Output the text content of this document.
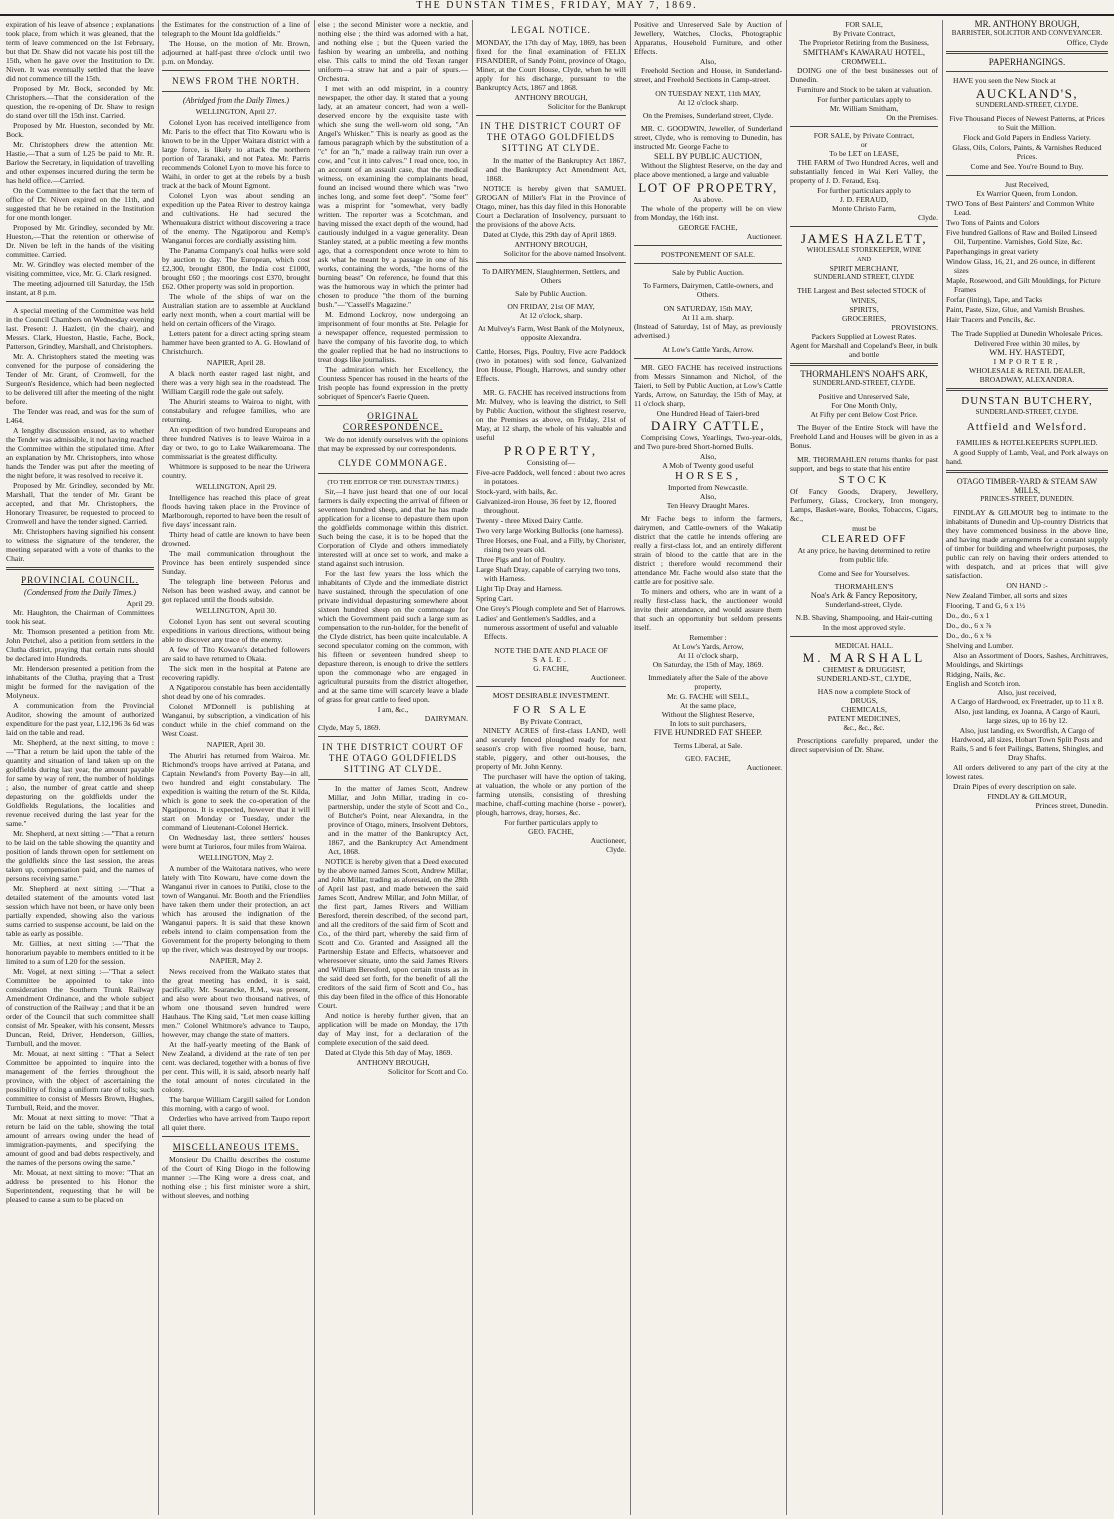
THE DUNSTAN TIMES, FRIDAY, MAY 7, 1869.

expiration of his leave of absence ; explanations took place, from which it was gleaned, that the term of leave commenced on the 1st February, but that Dr. Shaw did not vacate his post till the 15th, when he gave over the Institution to Dr. Niven. It was eventually settled that the leave did not commence till the 15th.

Proposed by Mr. Bock, seconded by Mr. Christophers.—That the consideration of the question, the re-opening of Dr. Shaw to resign do stand over till the 15th inst. Carried.

Proposed by Mr. Hueston, seconded by Mr. Bock.

Mr. Christophers drew the attention Mr. Hastie,—That a sum of L25 be paid to Mr. R. Barlow the Secretary, in liquidation of travelling and other expenses incurred during the term he has held office.—Carried.

On the Committee to the fact that the term of office of Dr. Niven expired on the 11th, and suggested that he be retained in the Institution for one month longer.

Proposed by Mr. Grindley, seconded by Mr. Hueston,—That the retention or otherwise of Dr. Niven be left in the hands of the visiting committee. Carried.

Mr. W. Grindley was elected member of the visiting committee, vice, Mr. G. Clark resigned.

The meeting adjourned till Saturday, the 15th instant, at 8 p.m.

A special meeting of the Committee was held in the Council Chambers on Wednesday evening last. Present: J. Hazlett, (in the chair), and Messrs. Clark, Hueston, Hastie, Fache, Bock, Patterson, Grindley, Marshall, and Christophers.

Mr. A. Christophers stated the meeting was convened for the purpose of considering the Tender of Mr. Grant, of Cromwell, for the Surgeon's Residence, which had been neglected to be delivered till after the meeting of the night before.

The Tender was read, and was for the sum of L464.

A lengthy discussion ensued, as to whether the Tender was admissible, it not having reached the Committee within the stipulated time. After an explanation by Mr. Christophers, into whose hands the Tender was put after the meeting of the night before, it was resolved to receive it.

Proposed by Mr. Grindley, seconded by Mr. Marshall, That the tender of Mr. Grant be accepted, and that Mr. Christophers, the Honorary Treasurer, be requested to proceed to Cromwell and have the tender signed. Carried.

Mr. Christophers having signified his consent to witness the signature of the tenderer, the meeting separated with a vote of thanks to the Chair.

PROVINCIAL COUNCIL.
(Condensed from the Daily Times.)
April 29.

Mr. Haughton, the Chairman of Committees took his seat.

Mr. Thomson presented a petition from Mr. John Petchel, also a petition from settlers in the Clutha district, praying that certain runs should be declared into Hundreds.

Mr. Henderson presented a petition from the inhabitants of the Clutha, praying that a Trust might be formed for the navigation of the Molyneux.

A communication from the Provincial Auditor, showing the amount of authorized expenditure for the past year, L12,196 3s 6d was laid on the table and read.

Mr. Shepherd, at the next sitting, to move :—"That a return be laid upon the table of the quantity and situation of land taken up on the goldfields during last year, the amount payable for same by way of rent, the number of holdings ; also, the number of great cattle and sheep depasturing on the goldfields under the Goldfields Regulations, the localities and revenue received during the last year for the same."

Mr. Shepherd, at next sitting :—"That a return to be laid on the table showing the quantity and position of lands thrown open for settlement on the goldfields since the last session, the areas taken up, compensation paid, and the names of persons receiving same."

Mr. Shepherd at next sitting :—"That a detailed statement of the amounts voted last session which have not been, or have only been partially expended, showing also the various sums carried to suspense account, be laid on the table as early as possible.

Mr. Gillies, at next sitting :—"That the honorarium payable to members entitled to it be limited to a sum of L20 for the session.

Mr. Vogel, at next sitting :—"That a select Committee be appointed to take into consideration the Southern Trunk Railway Amendment Ordinance, and the whole subject of construction of the Railway ; and that it be an order of the Council that such committee shall consist of Mr. Speaker, with his consent, Messrs Duncan, Reid, Driver, Henderson, Gillies, Turnbull, and the mover.

Mr. Mouat, at next sitting : "That a Select Committee be appointed to inquire into the management of the ferries throughout the province, with the object of ascertaining the possibility of fixing a uniform rate of tolls; such committee to consist of Messrs Brown, Hughes, Turnbull, Reid, and the mover.

Mr. Mouat at next sitting to move: "That a return be laid on the table, showing the total amount of arrears owing under the head of immigration-payments, and specifying the amount of good and bad debts respectively, and the names of the persons owing the same."

Mr. Mouat, at next sitting to move: "That an address be presented to his Honor the Superintendent, requesting that he will be pleased to cause a sum to be placed on

the Estimates for the construction of a line of telegraph to the Mount Ida goldfields."

The House, on the motion of Mr. Brown, adjourned at half-past three o'clock until two p.m. on Monday.

NEWS FROM THE NORTH.
(Abridged from the Daily Times.)
WELLINGTON, April 27.

Colonel Lyon has received intelligence from Mr. Paris to the effect that Tito Kowaru who is known to be in the Upper Waitara district with a large force, is likely to attack the northern portion of Taranaki, and not Patea. Mr. Parris recommends Colonel Lyon to move his force to Waihi, in order to get at the rebels by a bush track at the back of Mount Egmont.

Colonel Lyon was about sending an expedition up the Patea River to destroy kainga and cultivations. He had secured the Whenuakura district without discovering a trace of the enemy. The Ngatiporou and Kemp's Wanganui forces are cordially assisting him.

The Panama Company's coal hulks were sold by auction to day. The European, which cost £2,300, brought £800, the India cost £1000, brought £60 ; the moorings cost £370, brought £62. Other property was sold in proportion.

The whole of the ships of war on the Australian station are to assemble at Auckland early next month, when a court martial will be held on certain officers of the Virago.

Letters patent for a direct acting spring steam hammer have been granted to A. G. Howland of Christchurch.

NAPIER, April 28.

A black north easter raged last night, and there was a very high sea in the roadstead. The William Cargill rode the gale out safely.

The Ahuriri steams to Wairoa to night, with constabulary and refugee families, who are returning.

An expedition of two hundred Europeans and three hundred Natives is to leave Wairoa in a day or two, to go to Lake Waikaremoana. The commissariat is the greatest difficulty.

Whitmore is supposed to be near the Uriwera country.

WELLINGTON, April 29.

Intelligence has reached this place of great floods having taken place in the Province of Marlborough, reported to have been the result of five days' incessant rain.

Thirty head of cattle are known to have been drowned.

The mail communication throughout the Province has been entirely suspended since Sunday.

The telegraph line between Pelorus and Nelson has been washed away, and cannot be got replaced until the floods subside.

WELLINGTON, April 30.

Colonel Lyon has sent out several scouting expeditions in various directions, without being able to discover any trace of the enemy.

A few of Tito Kowaru's detached followers are said to have returned to Okaia.

The sick men in the hospital at Patene are recovering rapidly.

A Ngatiporou constable has been accidentally shot dead by one of his comrades.

Colonel M'Donnell is publishing at Wanganui, by subscription, a vindication of his conduct while in the chief command on the West Coast.

NAPIER, April 30.

The Ahuriri has returned from Wairoa. Mr. Richmond's troops have arrived at Patana, and Captain Newland's from Poverty Bay—in all, two hundred and eight constabulary. The expedition is waiting the return of the St. Kilda, which is gone to seek the co-operation of the Ngatiporou. It is expected, however that it will start on Monday or Tuesday, under the command of Lieutenant-Colonel Herrick.

On Wednesday last, three settlers' houses were burnt at Turioros, four miles from Wairoa.

WELLINGTON, May 2.

A number of the Waitotara natives, who were lately with Tito Kowaru, have come down the Wanganui river in canoes to Putiki, close to the town of Wanganui. Mr. Booth and the Friendlies have taken them under their protection, an act which has aroused the indignation of the Wanganui papers. It is said that these known rebels intend to claim compensation from the Government for the property belonging to them up the river, which was destroyed by our troops.

NAPIER, May 2.

News received from the Waikato states that the great meeting has ended, it is said, pacifically. Mr. Searancke, R.M., was present, and also were about two thousand natives, of whom one thousand seven hundred were Hauhaus. The King said, "Let men cease killing men." Colonel Whitmore's advance to Taupo, however, may change the state of matters.

At the half-yearly meeting of the Bank of New Zealand, a dividend at the rate of ten per cent. was declared, together with a bonus of five per cent. This will, it is said, absorb nearly half the total amount of notes circulated in the colony.

The barque William Cargill sailed for London this morning, with a cargo of wool.

Orderlies who have arrived from Taupo report all quiet there.

MISCELLANEOUS ITEMS.

Monsieur Du Chaillu describes the costume of the Court of King Diogo in the following manner :—The King wore a dress coat, and nothing else ; his first minister wore a shirt, without sleeves, and nothing

else ; the second Minister wore a necktie, and nothing else ; the third was adorned with a hat, and nothing else ; but the Queen varied the fashion by wearing an umbrella, and nothing else. This calls to mind the old Texan ranger uniform—a straw hat and a pair of spurs.—Orchestra.

I met with an odd misprint, in a country newspaper, the other day. It stated that a young lady, at an amateur concert, had won a well-deserved encore by the exquisite taste with which she sung the well-worn old song, "An Angel's Whisker." This is nearly as good as the famous paragraph which by the substitution of a "c" for an "h," made a railway train run over a cow, and "cut it into calves." I read once, too, in an account of an assault case, that the medical witness, on examining the complainants head, found an incised wound there which was "two inches long, and some feet deep". "Some feet" was a misprint for "somewhat, very badly written. The reporter was a Scotchman, and having missed the exact depth of the wound, had cautiously indulged in a vague generality. Dean Stanley stated, at a public meeting a few months ago, that a correspondent once wrote to him to ask what he meant by a passage in one of his works, containing the words, "the horns of the burning beast" On reference, he found that this was the humorous way in which the printer had chosen to produce "the thorn of the burning bush."—"Cassell's Magazine."

M. Edmond Lockroy, now undergoing an imprisonment of four months at Ste. Pelagie for a newspaper offence, requested permission to have the company of his favorite dog, to which the goaler replied that he had no instructions to treat dogs like journalists.

The admiration which her Excellency, the Countess Spencer has roused in the hearts of the Irish people has found expression in the pretty sobriquet of Spencer's Faerie Queen.

ORIGINAL CORRESPONDENCE.

We do not identify ourselves with the opinions that may be expressed by our correspondents.

CLYDE COMMONAGE.
(TO THE EDITOR OF THE DUNSTAN TIMES.)

Sir,—I have just heard that one of our local farmers is daily expecting the arrival of fifteen or seventeen hundred sheep, and that he has made application for a license to depasture them upon the goldfields commonage within this district. Such being the case, it is to be hoped that the Corporation of Clyde and others immediately interested will at once set to work, and make a stand against such intrusion.

For the last few years the loss which the inhabitants of Clyde and the immediate district have sustained, through the speculation of one private individual depasturing somewhere about sixteen hundred sheep on the commonage for which the Government paid such a large sum as compensation to the run-holder, for the benefit of the Clyde district, has been quite incalculable. A second speculator coming on the common, with his fifteen or seventeen hundred sheep to depasture thereon, is enough to drive the settlers upon the commonage who are engaged in agricultural pursuits from the district altogether, and at the same time will scarcely leave a blade of grass for great cattle to feed upon.

I am, &c.,
DAIRYMAN.
Clyde, May 5, 1869.
IN THE DISTRICT COURT OF THE OTAGO GOLDFIELDS SITTING AT CLYDE.

In the matter of James Scott, Andrew Millar, and John Millar, trading in co-partnership, under the style of Scott and Co., of Butcher's Point, near Alexandra, in the province of Otago, miners, Insolvent Debtors, and in the matter of the Bankruptcy Act, 1867, and the Bankruptcy Act Amendment Act, 1868.

NOTICE is hereby given that a Deed executed by the above named James Scott, Andrew Millar, and John Millar, trading as aforesaid, on the 28th of April last past, and made between the said James Scott, Andrew Millar, and John Millar, of the first part, James Rivers and William Beresford, therein described, of the second part, and all the creditors of the said firm of Scott and Co., of the third part, whereby the said firm of Scott and Co. Granted and Assigned all the Partnership Estate and Effects, whatsoever and wheresoever situate, unto the said James Rivers and William Beresford, upon certain trusts as in the said deed set forth, for the benefit of all the creditors of the said firm of Scott and Co., has this day been filed in the office of this Honorable Court.

And notice is hereby further given, that an application will be made on Monday, the 17th day of May inst, for a declaration of the complete execution of the said deed.

Dated at Clyde this 5th day of May, 1869.

ANTHONY BROUGH,
Solicitor for Scott and Co.
LEGAL NOTICE.

MONDAY, the 17th day of May, 1869, has been fixed for the final examination of FELIX FISANDIER, of Sandy Point, province of Otago, Miner, at the Court House, Clyde, when he will apply for his discharge, pursuant to the Bankruptcy Acts, 1867 and 1868.

ANTHONY BROUGH,
Solicitor for the Bankrupt
IN THE DISTRICT COURT OF THE OTAGO GOLDFIELDS SITTING AT CLYDE.

In the matter of the Bankruptcy Act 1867, and the Bankruptcy Act Amendment Act, 1868.

NOTICE is hereby given that SAMUEL GROGAN of Miller's Flat in the Province of Otago, miner, has this day filed in this Honorable Court a Declaration of Insolvency, pursuant to the provisions of the above Acts.

Dated at Clyde, this 29th day of April 1869.

ANTHONY BROUGH,
Solicitor for the above named Insolvent.
To DAIRYMEN, Slaughtermen, Settlers, and Others
Sale by Public Auction.
ON FRIDAY, 21st OF MAY,
At 12 o'clock, sharp.

At Mulvey's Farm, West Bank of the Molyneux, opposite Alexandra.

Cattle, Horses, Pigs, Poultry, Five acre Paddock (two in potatoes) with sod fence, Galvanized Iron House, Plough, Harrows, and sundry other Effects.

MR. G. FACHE has received instructions from Mr. Mulvey, who is leaving the district, to Sell by Public Auction, without the slightest reserve, on the Premises as above, on Friday, 21st of May, at 12 sharp, the whole of his valuable and useful

PROPERTY,
Consisting of—
Five-acre Paddock, well fenced : about two acres in potatoes.
Stock-yard, with bails, &c.
Galvanized-iron House, 36 feet by 12, floored throughout.
Twenty - three Mixed Dairy Cattle.
Two very large Working Bullocks (one harness).
Three Horses, one Foal, and a Filly, by Chorister, rising two years old.
Three Pigs and lot of Poultry.
Large Shaft Dray, capable of carrying two tons, with Harness.
Light Tip Dray and Harness.
Spring Cart.
One Grey's Plough complete and Set of Harrows.
Ladies' and Gentlemen's Saddles, and a numerous assortment of useful and valuable Effects.
NOTE THE DATE AND PLACE OF
SALE.
G. FACHE,
Auctioneer.
MOST DESIRABLE INVESTMENT.
FOR SALE
By Private Contract,

NINETY ACRES of first-class LAND, well and securely fenced ploughed ready for next season's crop with five roomed house, barn, stable, piggery, and other out-houses, the property of Mr. John Kenny.

The purchaser will have the option of taking, at valuation, the whole or any portion of the farming utensils, consisting of threshing machine, chaff-cutting machine (horse - power), plough, harrows, dray, horses, &c.

For further particulars apply to
GEO. FACHE,
Auctioneer,
Clyde.

Positive and Unreserved Sale by Auction of Jewellery, Watches, Clocks, Photographic Apparatus, Household Furniture, and other Effects.

Also,

Freehold Section and House, in Sunderland-street, and Freehold Sections in Camp-street.

ON TUESDAY NEXT, 11th MAY,
At 12 o'clock sharp.
On the Premises, Sunderland street, Clyde.

MR. C. GOODWIN, Jeweller, of Sunderland street, Clyde, who is removing to Dunedin, has instructed Mr. George Fache to

SELL BY PUBLIC AUCTION,

Without the Slightest Reserve, on the day and place above mentioned, a large and valuable

LOT OF PROPETRY,
As above.

The whole of the property will be on view from Monday, the 16th inst.

GEORGE FACHE,
Auctioneer.
POSTPONEMENT OF SALE.
Sale by Public Auction.

To Farmers, Dairymen, Cattle-owners, and Others.

ON SATURDAY, 15th MAY,
At 11 a.m. sharp.

(Instead of Saturday, 1st of May, as previously advertised.)

At Low's Cattle Yards, Arrow.

MR. GEO FACHE has received instructions from Messrs Sinnamon and Nichol, of the Taieri, to Sell by Public Auction, at Low's Cattle Yards, Arrow, on Saturday, the 15th of May, at 11 o'clock sharp,

One Hundred Head of Taieri-bred
DAIRY CATTLE,

Comprising Cows, Yearlings, Two-year-olds, and Two pure-bred Short-horned Bulls.

Also,
A Mob of Twenty good useful
HORSES,
Imported from Newcastle.
Also,
Ten Heavy Draught Mares.

Mr Fache begs to inform the farmers, dairymen, and Cattle-owners of the Wakatip district that the cattle he intends offering are really a first-class lot, and an entirely different strain of blood to the cattle that are in the district ; therefore would recommend their attendance Mr. Fache would also state that the cattle are for positive sale.

To miners and others, who are in want of a really first-class hack, the auctioneer would invite their attendance, and would assure them that such an opportunity but seldom presents itself.

Remember :
At Low's Yards, Arrow,
At 11 o'clock sharp,
On Saturday, the 15th of May, 1869.

Immediately after the Sale of the above property,

Mr. G. FACHE will SELL,
At the same place,
Without the Slightest Reserve,
In lots to suit purchasers,
FIVE HUNDRED FAT SHEEP.
Terms Liberal, at Sale.
GEO. FACHE,
Auctioneer.
FOR SALE,
By Private Contract,

The Proprietor Retiring from the Business,

SMITHAM's KAWARAU HOTEL,
CROMWELL.

DOING one of the best businesses out of Dunedin.

Furniture and Stock to be taken at valuation.

For further particulars apply to
Mr. William Smitham,
On the Premises.
FOR SALE, by Private Contract,
or
To be LET on LEASE,

THE FARM of Two Hundred Acres, well and substantially fenced in Wai Keri Valley, the property of J. D. Feraud, Esq.

For further particulars apply to
J. D. FERAUD,
Monte Christo Farm,
Clyde.
JAMES HAZLETT,
WHOLESALE STOREKEEPER, WINE
AND
SPIRIT MERCHANT,
SUNDERLAND STREET, CLYDE

THE Largest and Best selected STOCK of

WINES,
SPIRITS,
GROCERIES,
PROVISIONS.
Packers Supplied at Lowest Rates.

Agent for Marshall and Copeland's Beer, in bulk and bottle

THORMAHLEN'S NOAH'S ARK,
SUNDERLAND-STREET, CLYDE.
Positive and Unreserved Sale,
For One Month Only,
At Fifty per cent Below Cost Price.

The Buyer of the Entire Stock will have the Freehold Land and Houses will be given in as a Bonus.

MR. THORMAHLEN returns thanks for past support, and begs to state that his entire

STOCK

Of Fancy Goods, Drapery, Jewellery, Perfumery, Glass, Crockery, Iron mongery, Lamps, Basket-ware, Books, Tobaccos, Cigars, &c.,

must be
CLEARED OFF

At any price, he having determined to retire from public life.

Come and See for Yourselves.
THORMAHLEN'S
Noa's Ark & Fancy Repository,
Sunderland-street, Clyde.

N.B. Shaving, Shampooing, and Hair-cutting

In the most approved style.
MEDICAL HALL.
M. MARSHALL
CHEMIST & DRUGGIST,
SUNDERLAND-ST., CLYDE,
HAS now a complete Stock of
DRUGS,
CHEMICALS,
PATENT MEDICINES,
&c., &c., &c.

Prescriptions carefully prepared, under the direct supervision of Dr. Shaw.

MR. ANTHONY BROUGH,
BARRISTER, SOLICITOR AND CONVEYANCER.
Office, Clyde
PAPERHANGINGS.

HAVE you seen the New Stock at

AUCKLAND'S,
SUNDERLAND-STREET, CLYDE.

Five Thousand Pieces of Newest Patterns, at Prices to Suit the Million.

Flock and Gold Papers in Endless Variety.

Glass, Oils, Colors, Paints, & Varnishes Reduced Prices.

Come and See. You're Bound to Buy.
Just Received,
Ex Warrior Queen, from London.
TWO Tons of Best Painters' and Common White Lead.
Two Tons of Paints and Colors
Five hundred Gallons of Raw and Boiled Linseed Oil, Turpentine. Varnishes, Gold Size, &c.
Paperhangings in great variety
Window Glass, 16, 21, and 26 ounce, in different sizes
Maple, Rosewood, and Gilt Mouldings, for Picture Frames
Forfar (lining), Tape, and Tacks
Paint, Paste, Size, Glue, and Varnish Brushes.
Hair Tracers and Pencils, &c.

The Trade Supplied at Dunedin Wholesale Prices.

Delivered Free within 30 miles, by
WM. HY. HASTEDT,
IMPORTER,
WHOLESALE & RETAIL DEALER,
BROADWAY, ALEXANDRA.
DUNSTAN BUTCHERY,
SUNDERLAND-STREET, CLYDE.
Attfield and Welsford.

FAMILIES & HOTELKEEPERS SUPPLIED.

A good Supply of Lamb, Veal, and Pork always on hand.

OTAGO TIMBER-YARD & STEAM SAW MILLS,
PRINCES-STREET, DUNEDIN.

FINDLAY & GILMOUR beg to intimate to the inhabitants of Dunedin and Up-country Districts that they have commenced business in the above line, and having made arrangements for a constant supply of timber for building and wheelwright purposes, the public can rely on having their orders attended to with despatch, and at prices that will give satisfaction.

ON HAND :-
New Zealand Timber, all sorts and sizes
Flooring, T and G, 6 x 1½
Do., do., 6 x 1
Do., do., 6 x ⅞
Do., do., 6 x ⅝
Shelving and Lumber.

Also an Assortment of Doors, Sashes, Architraves, Mouldings, and Skirtings

Ridging, Nails, &c.
English and Scotch iron.
Also, just received,

A Cargo of Hardwood, ex Freetrader, up to 11 x 8.

Also, just landing, ex Joanna, A Cargo of Kauri, large sizes, up to 16 by 12.

Also, just landing, ex Swordfish, A Cargo of Hardwood, all sizes, Hobart Town Split Posts and Rails, 5 and 6 feet Pailings, Battens, Shingles, and Dray Shafts.

All orders delivered to any part of the city at the lowest rates.

Drain Pipes of every description on sale.

FINDLAY & GILMOUR,
Princes street, Dunedin.
